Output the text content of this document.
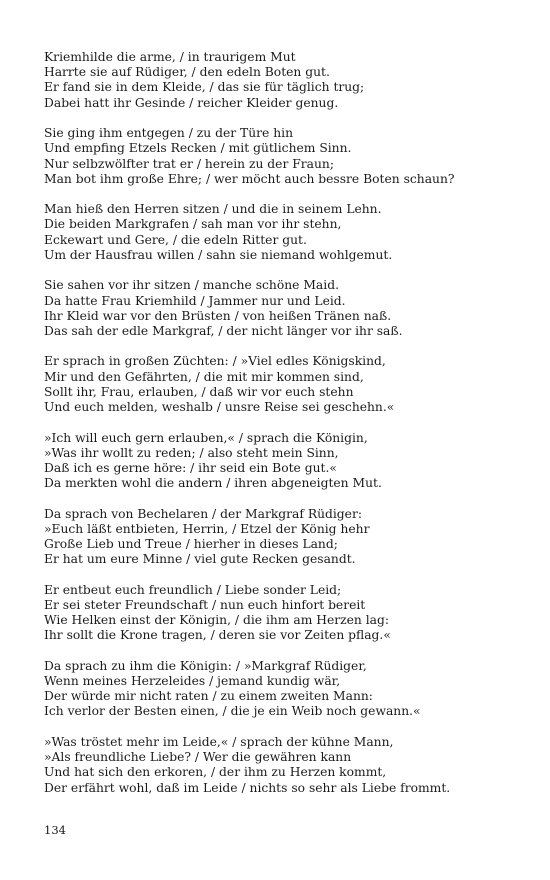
Kriemhilde die arme, / in traurigem Mut
Harrte sie auf Rüdiger, / den edeln Boten gut.
Er fand sie in dem Kleide, / das sie für täglich trug;
Dabei hatt ihr Gesinde / reicher Kleider genug.
Sie ging ihm entgegen / zu der Türe hin
Und empfing Etzels Recken / mit gütlichem Sinn.
Nur selbzwölfter trat er / herein zu der Fraun;
Man bot ihm große Ehre; / wer möcht auch bessre Boten schaun?
Man hieß den Herren sitzen / und die in seinem Lehn.
Die beiden Markgrafen / sah man vor ihr stehn,
Eckewart und Gere, / die edeln Ritter gut.
Um der Hausfrau willen / sahn sie niemand wohlgemut.
Sie sahen vor ihr sitzen / manche schöne Maid.
Da hatte Frau Kriemhild / Jammer nur und Leid.
Ihr Kleid war vor den Brüsten / von heißen Tränen naß.
Das sah der edle Markgraf, / der nicht länger vor ihr saß.
Er sprach in großen Züchten: / »Viel edles Königskind,
Mir und den Gefährten, / die mit mir kommen sind,
Sollt ihr, Frau, erlauben, / daß wir vor euch stehn
Und euch melden, weshalb / unsre Reise sei geschehn.«
»Ich will euch gern erlauben,« / sprach die Königin,
»Was ihr wollt zu reden; / also steht mein Sinn,
Daß ich es gerne höre: / ihr seid ein Bote gut.«
Da merkten wohl die andern / ihren abgeneigten Mut.
Da sprach von Bechelaren / der Markgraf Rüdiger:
»Euch läßt entbieten, Herrin, / Etzel der König hehr
Große Lieb und Treue / hierher in dieses Land;
Er hat um eure Minne / viel gute Recken gesandt.
Er entbeut euch freundlich / Liebe sonder Leid;
Er sei steter Freundschaft / nun euch hinfort bereit
Wie Helken einst der Königin, / die ihm am Herzen lag:
Ihr sollt die Krone tragen, / deren sie vor Zeiten pflag.«
Da sprach zu ihm die Königin: / »Markgraf Rüdiger,
Wenn meines Herzeleides / jemand kundig wär,
Der würde mir nicht raten / zu einem zweiten Mann:
Ich verlor der Besten einen, / die je ein Weib noch gewann.«
»Was tröstet mehr im Leide,« / sprach der kühne Mann,
»Als freundliche Liebe? / Wer die gewähren kann
Und hat sich den erkoren, / der ihm zu Herzen kommt,
Der erfährt wohl, daß im Leide / nichts so sehr als Liebe frommt.
134
